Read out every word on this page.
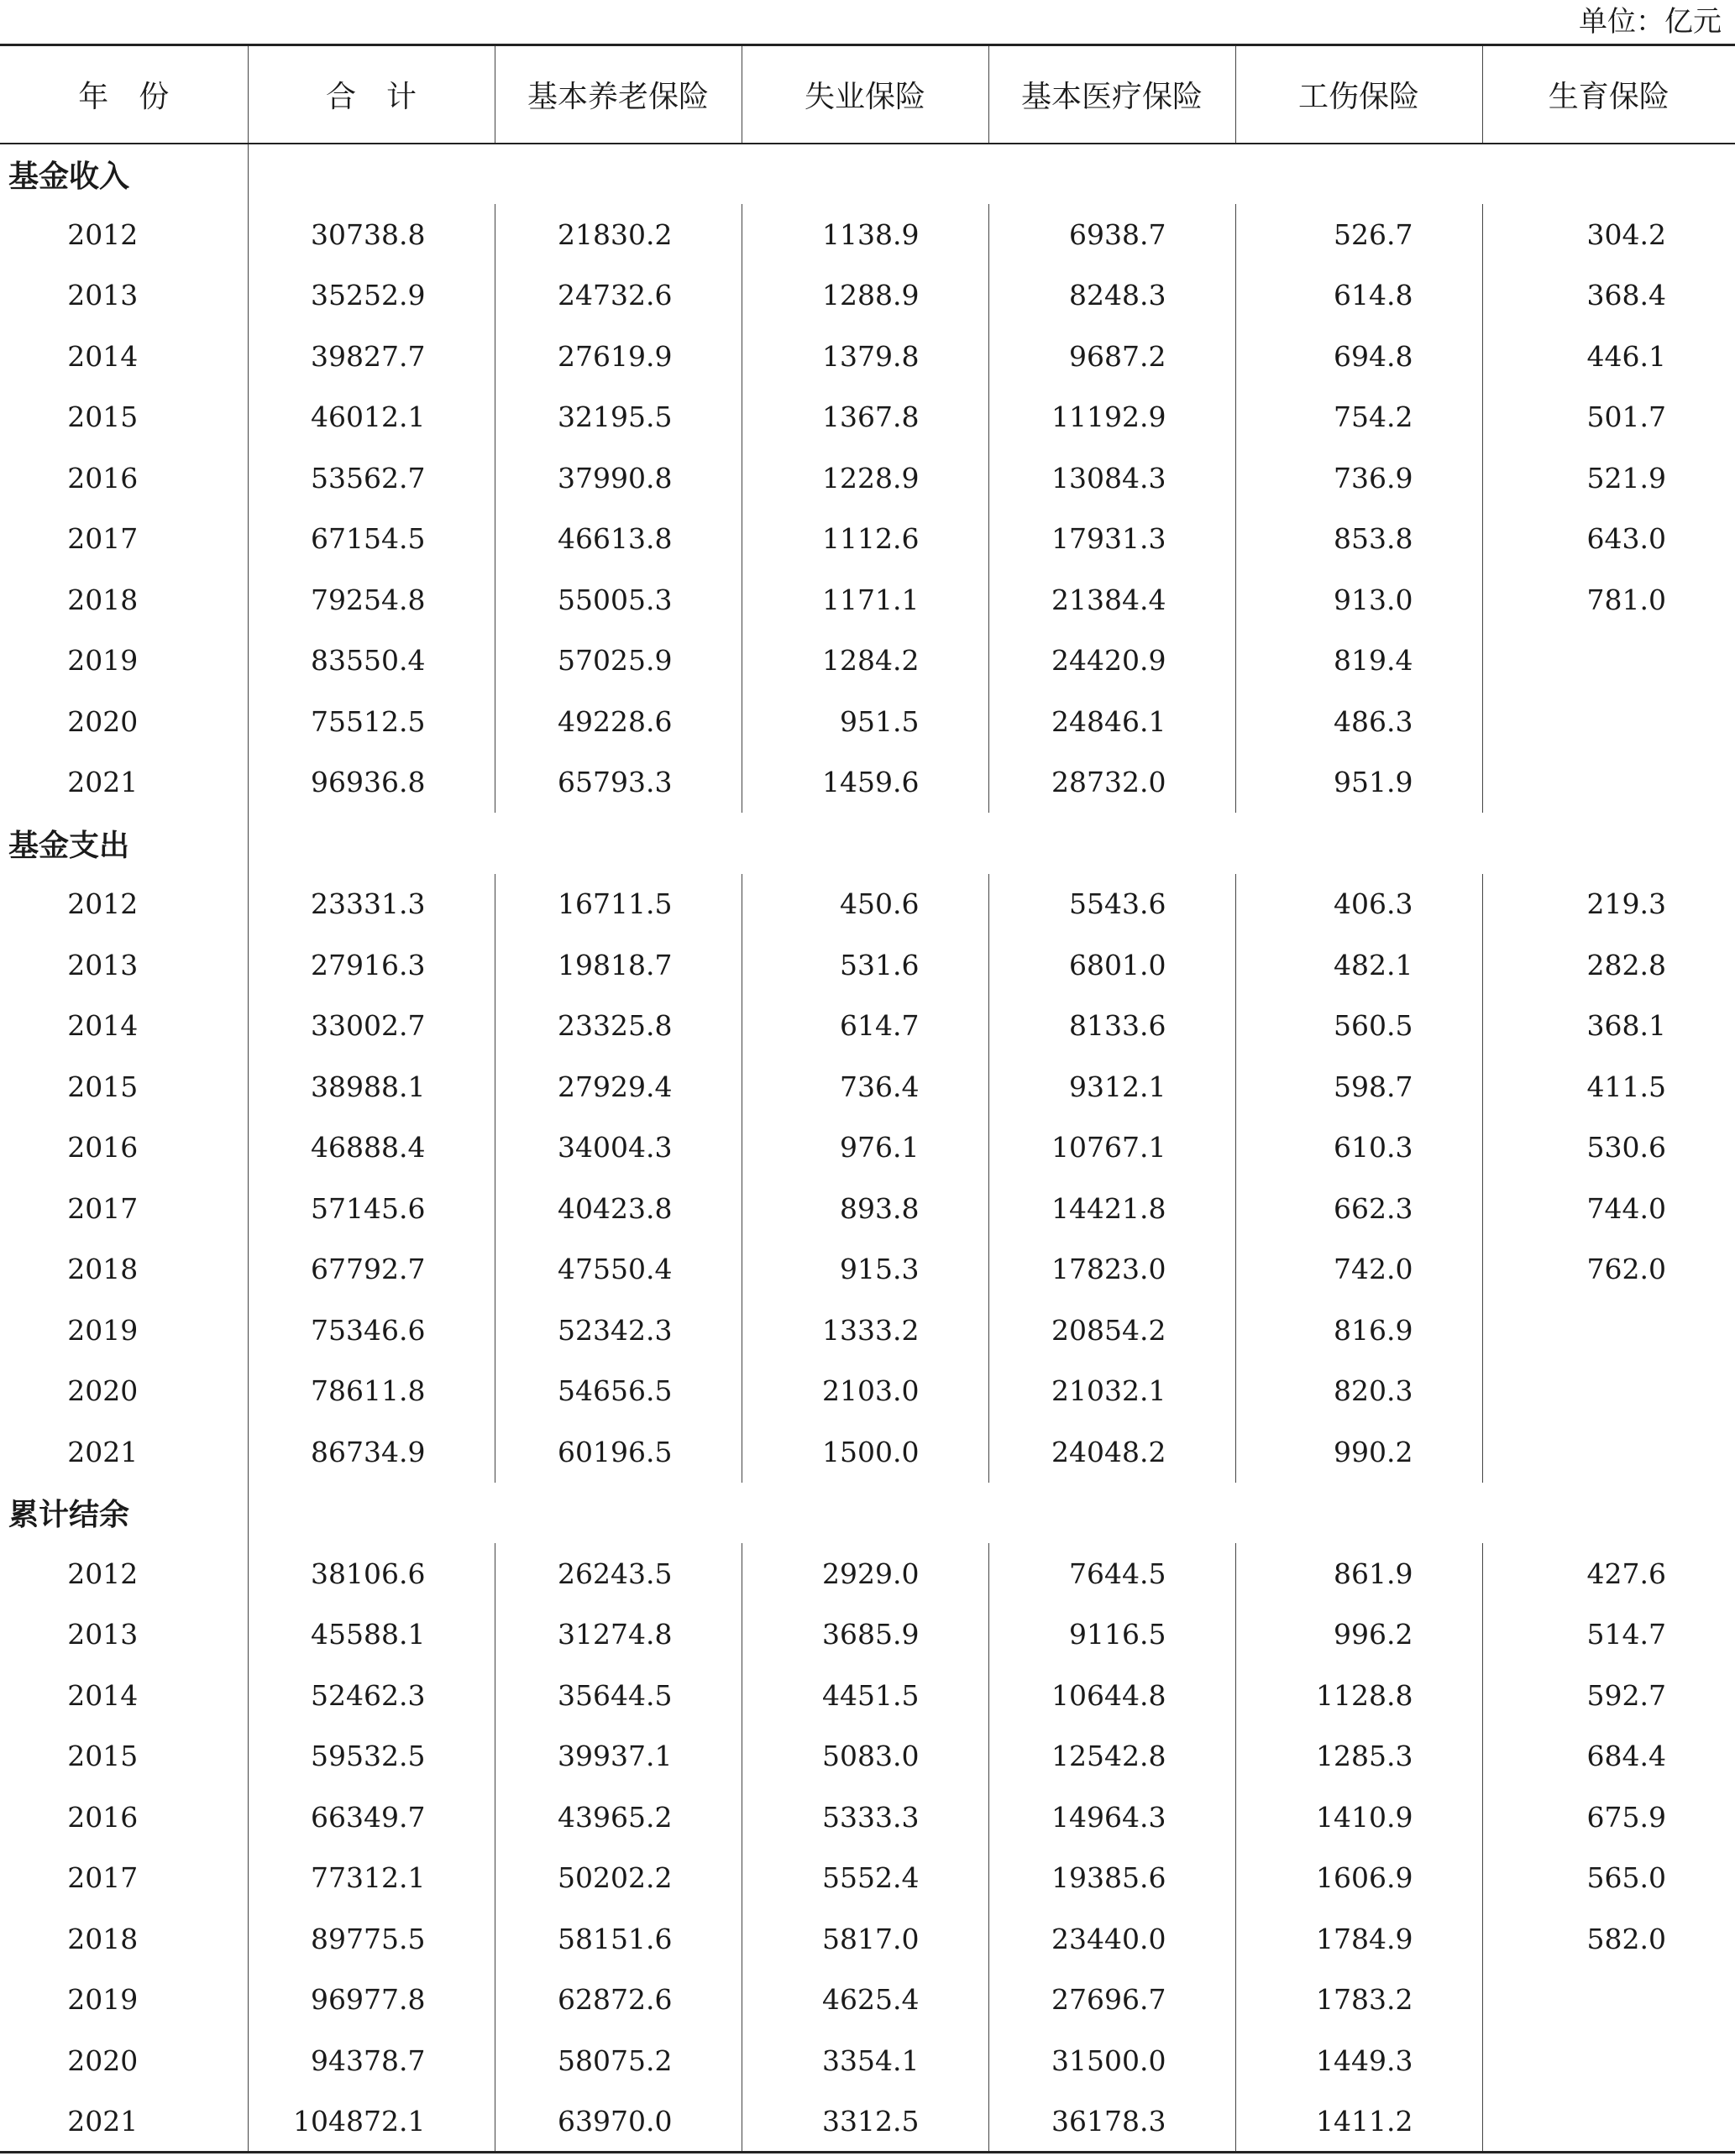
单位：亿元
年　份	合　计	基本养老保险	失业保险	基本医疗保险	工伤保险	生育保险
基金收入						
2012	30738.8	21830.2	1138.9	6938.7	526.7	304.2
2013	35252.9	24732.6	1288.9	8248.3	614.8	368.4
2014	39827.7	27619.9	1379.8	9687.2	694.8	446.1
2015	46012.1	32195.5	1367.8	11192.9	754.2	501.7
2016	53562.7	37990.8	1228.9	13084.3	736.9	521.9
2017	67154.5	46613.8	1112.6	17931.3	853.8	643.0
2018	79254.8	55005.3	1171.1	21384.4	913.0	781.0
2019	83550.4	57025.9	1284.2	24420.9	819.4	
2020	75512.5	49228.6	951.5	24846.1	486.3	
2021	96936.8	65793.3	1459.6	28732.0	951.9	
基金支出						
2012	23331.3	16711.5	450.6	5543.6	406.3	219.3
2013	27916.3	19818.7	531.6	6801.0	482.1	282.8
2014	33002.7	23325.8	614.7	8133.6	560.5	368.1
2015	38988.1	27929.4	736.4	9312.1	598.7	411.5
2016	46888.4	34004.3	976.1	10767.1	610.3	530.6
2017	57145.6	40423.8	893.8	14421.8	662.3	744.0
2018	67792.7	47550.4	915.3	17823.0	742.0	762.0
2019	75346.6	52342.3	1333.2	20854.2	816.9	
2020	78611.8	54656.5	2103.0	21032.1	820.3	
2021	86734.9	60196.5	1500.0	24048.2	990.2	
累计结余						
2012	38106.6	26243.5	2929.0	7644.5	861.9	427.6
2013	45588.1	31274.8	3685.9	9116.5	996.2	514.7
2014	52462.3	35644.5	4451.5	10644.8	1128.8	592.7
2015	59532.5	39937.1	5083.0	12542.8	1285.3	684.4
2016	66349.7	43965.2	5333.3	14964.3	1410.9	675.9
2017	77312.1	50202.2	5552.4	19385.6	1606.9	565.0
2018	89775.5	58151.6	5817.0	23440.0	1784.9	582.0
2019	96977.8	62872.6	4625.4	27696.7	1783.2	
2020	94378.7	58075.2	3354.1	31500.0	1449.3	
2021	104872.1	63970.0	3312.5	36178.3	1411.2	
